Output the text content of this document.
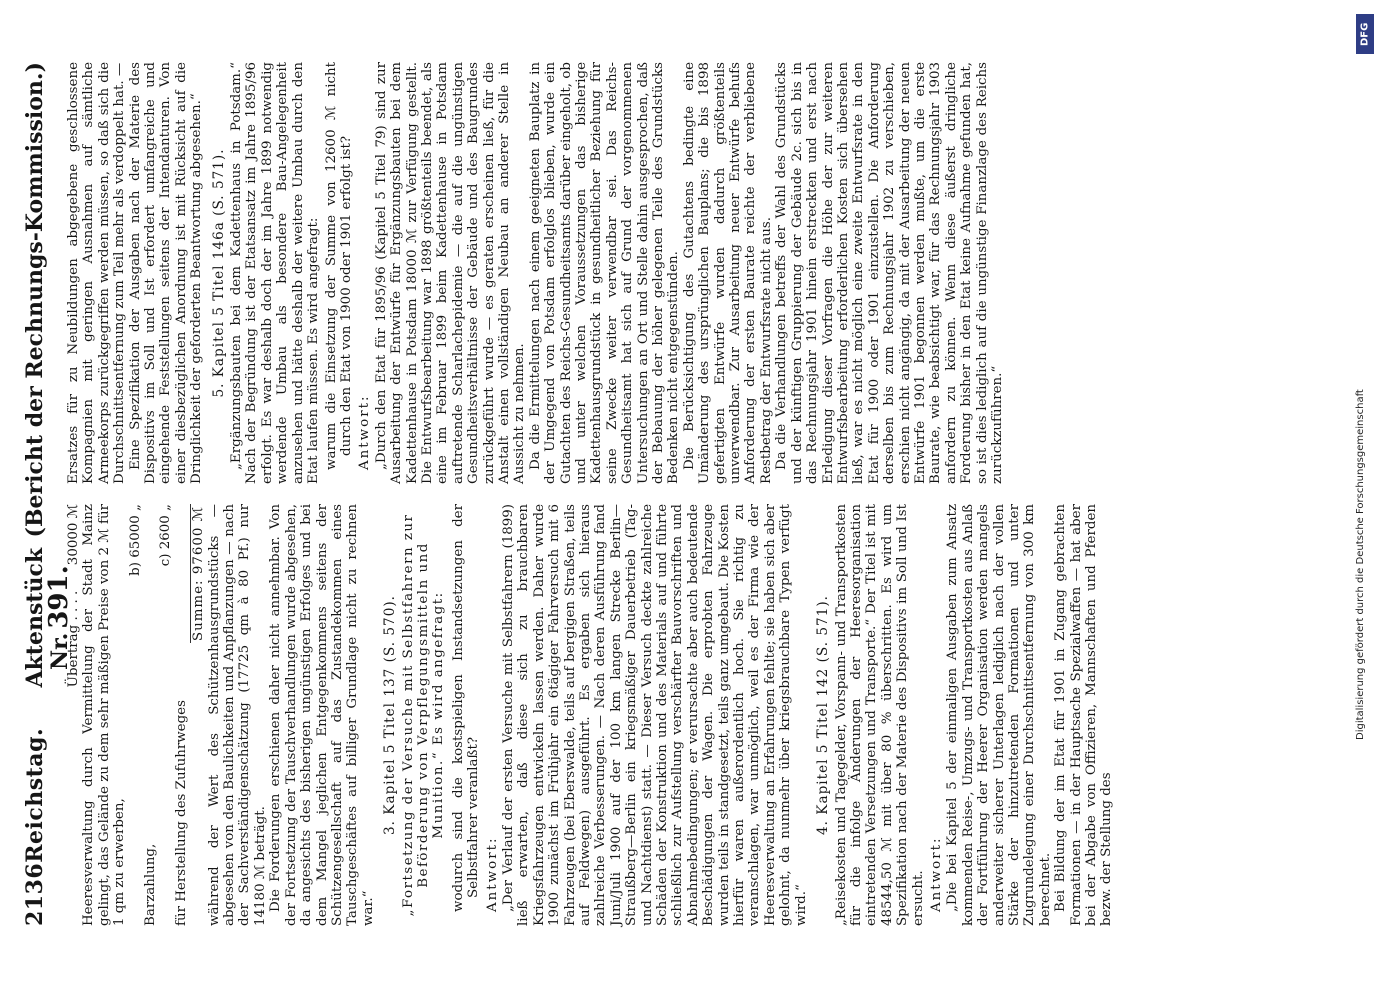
2136
Reichstag.
Aktenstück Nr.391.
(Bericht der Rechnungs-Kommission.)

Übertrag . . . .      30000 ℳ Heeresverwaltung durch Vermittelung der Stadt Mainz gelingt, das Gelände zu dem sehr mäßigen Preise von 2 ℳ für 1 qm zu erwerben,

b) 65000 „

Barzahlung,

c) 2600 „

für Herstellung des Zufuhrweges

Summe: 97600 ℳ während der Wert des Schützenhausgrundstücks — abgesehen von den Baulichkeiten und Anpflanzungen — nach der Sachverständigenschätzung (17725 qm à 80 Pf.) nur 14180 ℳ beträgt. Die Forderungen erschienen daher nicht annehmbar. Von der Fortsetzung der Tauschverhandlungen wurde abgesehen, da angesichts des bisherigen ungünstigen Erfolges und bei dem Mangel jeglichen Entgegenkommens seitens der Schützengesellschaft auf das Zustandekommen eines Tauschgeschäftes auf billiger Grundlage nicht zu rechnen war.“

3. Kapitel 5 Titel 137 (S. 570). „Fortsetzung der Versuche mit Selbstfahrern zur Beförderung von Verpflegungsmitteln und Munition.“ Es wird angefragt: wodurch sind die kostspieligen Instandsetzungen der Selbstfahrer veranlaßt? Antwort: „Der Verlauf der ersten Versuche mit Selbstfahrern (1899) ließ erwarten, daß diese sich zu brauchbaren Kriegsfahrzeugen entwickeln lassen werden. Daher wurde 1900 zunächst im Frühjahr ein 6tägiger Fahrversuch mit 6 Fahrzeugen (bei Eberswalde, teils auf bergigen Straßen, teils auf Feldwegen) ausgeführt. Es ergaben sich hieraus zahlreiche Verbesserungen. — Nach deren Ausführung fand Juni/Juli 1900 auf der 100 km langen Strecke Berlin—Straußberg—Berlin ein kriegsmäßiger Dauerbetrieb (Tag- und Nachtdienst) statt. — Dieser Versuch deckte zahlreiche Schäden der Konstruktion und des Materials auf und führte schließlich zur Aufstellung verschärfter Bauvorschriften und Abnahmebedingungen; er verursachte aber auch bedeutende Beschädigungen der Wagen. Die erprobten Fahrzeuge wurden teils in standgesetzt, teils ganz umgebaut. Die Kosten hierfür waren außerordentlich hoch. Sie richtig zu veranschlagen, war unmöglich, weil es der Firma wie der Heeresverwaltung an Erfahrungen fehlte; sie haben sich aber gelohnt, da nunmehr über kriegsbrauchbare Typen verfügt wird.“

4. Kapitel 5 Titel 142 (S. 571). „Reisekosten und Tagegelder, Vorspann- und Transportkosten für die infolge Änderungen der Heeresorganisation eintretenden Versetzungen und Transporte.“ Der Titel ist mit 48544,50 ℳ mit über 80 % überschritten. Es wird um Spezifikation nach der Materie des Dispositivs im Soll und Ist ersucht. Antwort: „Die bei Kapitel 5 der einmaligen Ausgaben zum Ansatz kommenden Reise-, Umzugs- und Transportkosten aus Anlaß der Fortführung der Heerer Organisation werden mangels anderweiter sicherer Unterlagen lediglich nach der vollen Stärke der hinzutretenden Formationen und unter Zugrundelegung einer Durchschnittsentfernung von 300 km berechnet. Bei Bildung der im Etat für 1901 in Zugang gebrachten Formationen — in der Hauptsache Spezialwaffen — hat aber bei der Abgabe von Offizieren, Mannschaften und Pferden bezw. der Stellung des

Ersatzes für zu Neubildungen abgegebene geschlossene Kompagnien mit geringen Ausnahmen auf sämtliche Armeekorps zurückgegriffen werden müssen, so daß sich die Durchschnittsentfernung zum Teil mehr als verdoppelt hat. — Eine Spezifikation der Ausgaben nach der Materie des Dispositivs im Soll und Ist erfordert umfangreiche und eingehende Feststellungen seitens der Intendanturen. Von einer diesbezüglichen Anordnung ist mit Rücksicht auf die Dringlichkeit der geforderten Beantwortung abgesehen.“ 5. Kapitel 5 Titel 146a (S. 571). „Ergänzungsbauten bei dem Kadettenhaus in Potsdam.“ Nach der Begründung ist der Etatsansatz im Jahre 1895/96 erfolgt. Es war deshalb doch der im Jahre 1899 notwendig werdende Umbau als besondere Bau-Angelegenheit anzusehen und hätte deshalb der weitere Umbau durch den Etat laufen müssen. Es wird angefragt: warum die Einsetzung der Summe von 12600 ℳ nicht durch den Etat von 1900 oder 1901 erfolgt ist? Antwort: „Durch den Etat für 1895/96 (Kapitel 5 Titel 79) sind zur Ausarbeitung der Entwürfe für Ergänzungsbauten bei dem Kadettenhause in Potsdam 18000 ℳ zur Verfügung gestellt. Die Entwurfsbearbeitung war 1898 größtenteils beendet, als eine im Februar 1899 beim Kadettenhause in Potsdam auftretende Scharlachepidemie — die auf die ungünstigen Gesundheitsverhältnisse der Gebäude und des Baugrundes zurückgeführt wurde — es geraten erscheinen ließ, für die Anstalt einen vollständigen Neubau an anderer Stelle in Aussicht zu nehmen. Da die Ermittelungen nach einem geeigneten Bauplatz in der Umgegend von Potsdam erfolglos blieben, wurde ein Gutachten des Reichs-Gesundheitsamts darüber eingeholt, ob und unter welchen Voraussetzungen das bisherige Kadettenhausgrundstück in gesundheitlicher Beziehung für seine Zwecke weiter verwendbar sei. Das Reichs-Gesundheitsamt hat sich auf Grund der vorgenommenen Untersuchungen an Ort und Stelle dahin ausgesprochen, daß der Bebauung der höher gelegenen Teile des Grundstücks Bedenken nicht entgegenstünden. Die Berücksichtigung des Gutachtens bedingte eine Umänderung des ursprünglichen Bauplans; die bis 1898 gefertigten Entwürfe wurden dadurch größtenteils unverwendbar. Zur Ausarbeitung neuer Entwürfe behufs Anforderung der ersten Baurate reichte der verbliebene Restbetrag der Entwurfsrate nicht aus. Da die Verhandlungen betreffs der Wahl des Grundstücks und der künftigen Gruppierung der Gebäude 2c. sich bis in das Rechnungsjahr 1901 hinein erstreckten und erst nach Erledigung dieser Vorfragen die Höhe der zur weiteren Entwurfsbearbeitung erforderlichen Kosten sich übersehen ließ, war es nicht möglich eine zweite Entwurfsrate in den Etat für 1900 oder 1901 einzustellen. Die Anforderung derselben bis zum Rechnungsjahr 1902 zu verschieben, erschien nicht angängig, da mit der Ausarbeitung der neuen Entwürfe 1901 begonnen werden mußte, um die erste Baurate, wie beabsichtigt war, für das Rechnungsjahr 1903 anfordern zu können. Wenn diese äußerst dringliche Forderung bisher in den Etat keine Aufnahme gefunden hat, so ist dies lediglich auf die ungünstige Finanzlage des Reichs zurückzuführen.“

DFG
Digitalisierung gefördert durch die Deutsche Forschungsgemeinschaft
